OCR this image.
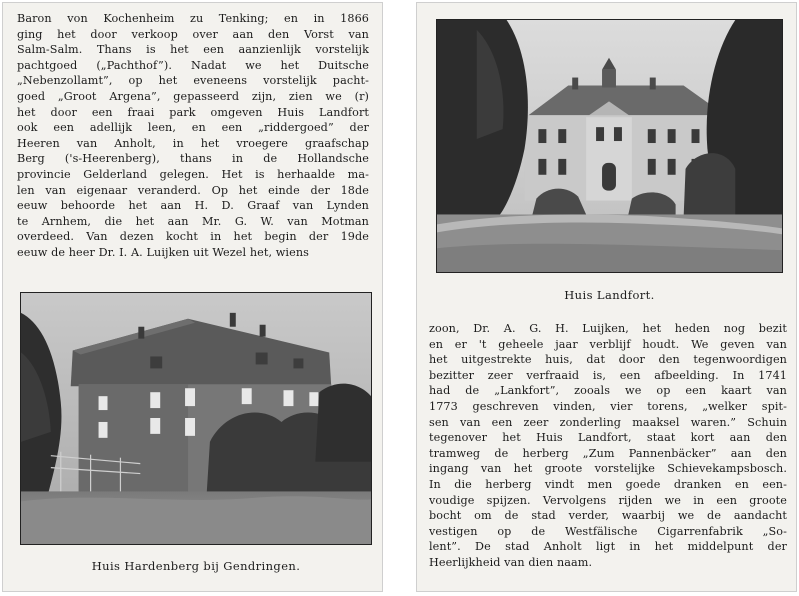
Baron von Kochenheim zu Tenking; en in 1866
ging het door verkoop over aan den Vorst van
Salm-Salm. Thans is het een aanzienlijk vorstelijk
pachtgoed („Pachthof”). Nadat we het Duitsche
„Nebenzollamt”, op het eveneens vorstelijk pacht-
goed „Groot Argena”, gepasseerd zijn, zien we (r)
het door een fraai park omgeven Huis Landfort
ook een adellijk leen, en een „riddergoed” der
Heeren van Anholt, in het vroegere graafschap
Berg ('s-Heerenberg), thans in de Hollandsche
provincie Gelderland gelegen. Het is herhaalde ma-
len van eigenaar veranderd. Op het einde der 18de
eeuw behoorde het aan H. D. Graaf van Lynden
te Arnhem, die het aan Mr. G. W. van Motman
overdeed. Van dezen kocht in het begin der 19de
eeuw de heer Dr. I. A. Luijken uit Wezel het, wiens
Huis Hardenberg bij Gendringen.
Huis Landfort.
zoon, Dr. A. G. H. Luijken, het heden nog bezit
en er 't geheele jaar verblijf houdt. We geven van
het uitgestrekte huis, dat door den tegenwoordigen
bezitter zeer verfraaid is, een afbeelding. In 1741
had de „Lankfort”, zooals we op een kaart van
1773 geschreven vinden, vier torens, „welker spit-
sen van een zeer zonderling maaksel waren.” Schuin
tegenover het Huis Landfort, staat kort aan den
tramweg de herberg „Zum Pannenbäcker” aan den
ingang van het groote vorstelijke Schievekampsbosch.
In die herberg vindt men goede dranken en een-
voudige spijzen. Vervolgens rijden we in een groote
bocht om de stad verder, waarbij we de aandacht
vestigen op de Westfälische Cigarrenfabrik „So-
lent”. De stad Anholt ligt in het middelpunt der
Heerlijkheid van dien naam.
